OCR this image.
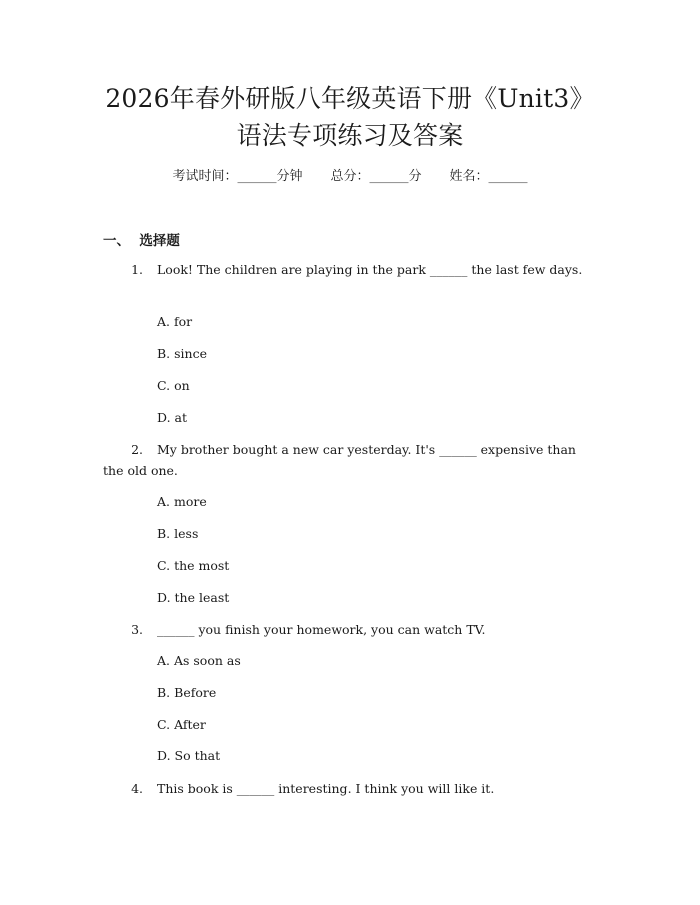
2026年春外研版八年级英语下册《Unit3》
语法专项练习及答案
考试时间：______分钟 总分：______分 姓名：______
一、  选择题
1. Look! The children are playing in the park ______ the last few days.
A. for
B. since
C. on
D. at
2. My brother bought a new car yesterday. It's ______ expensive than the old one.
A. more
B. less
C. the most
D. the least
3. ______ you finish your homework, you can watch TV.
A. As soon as
B. Before
C. After
D. So that
4. This book is ______ interesting. I think you will like it.
